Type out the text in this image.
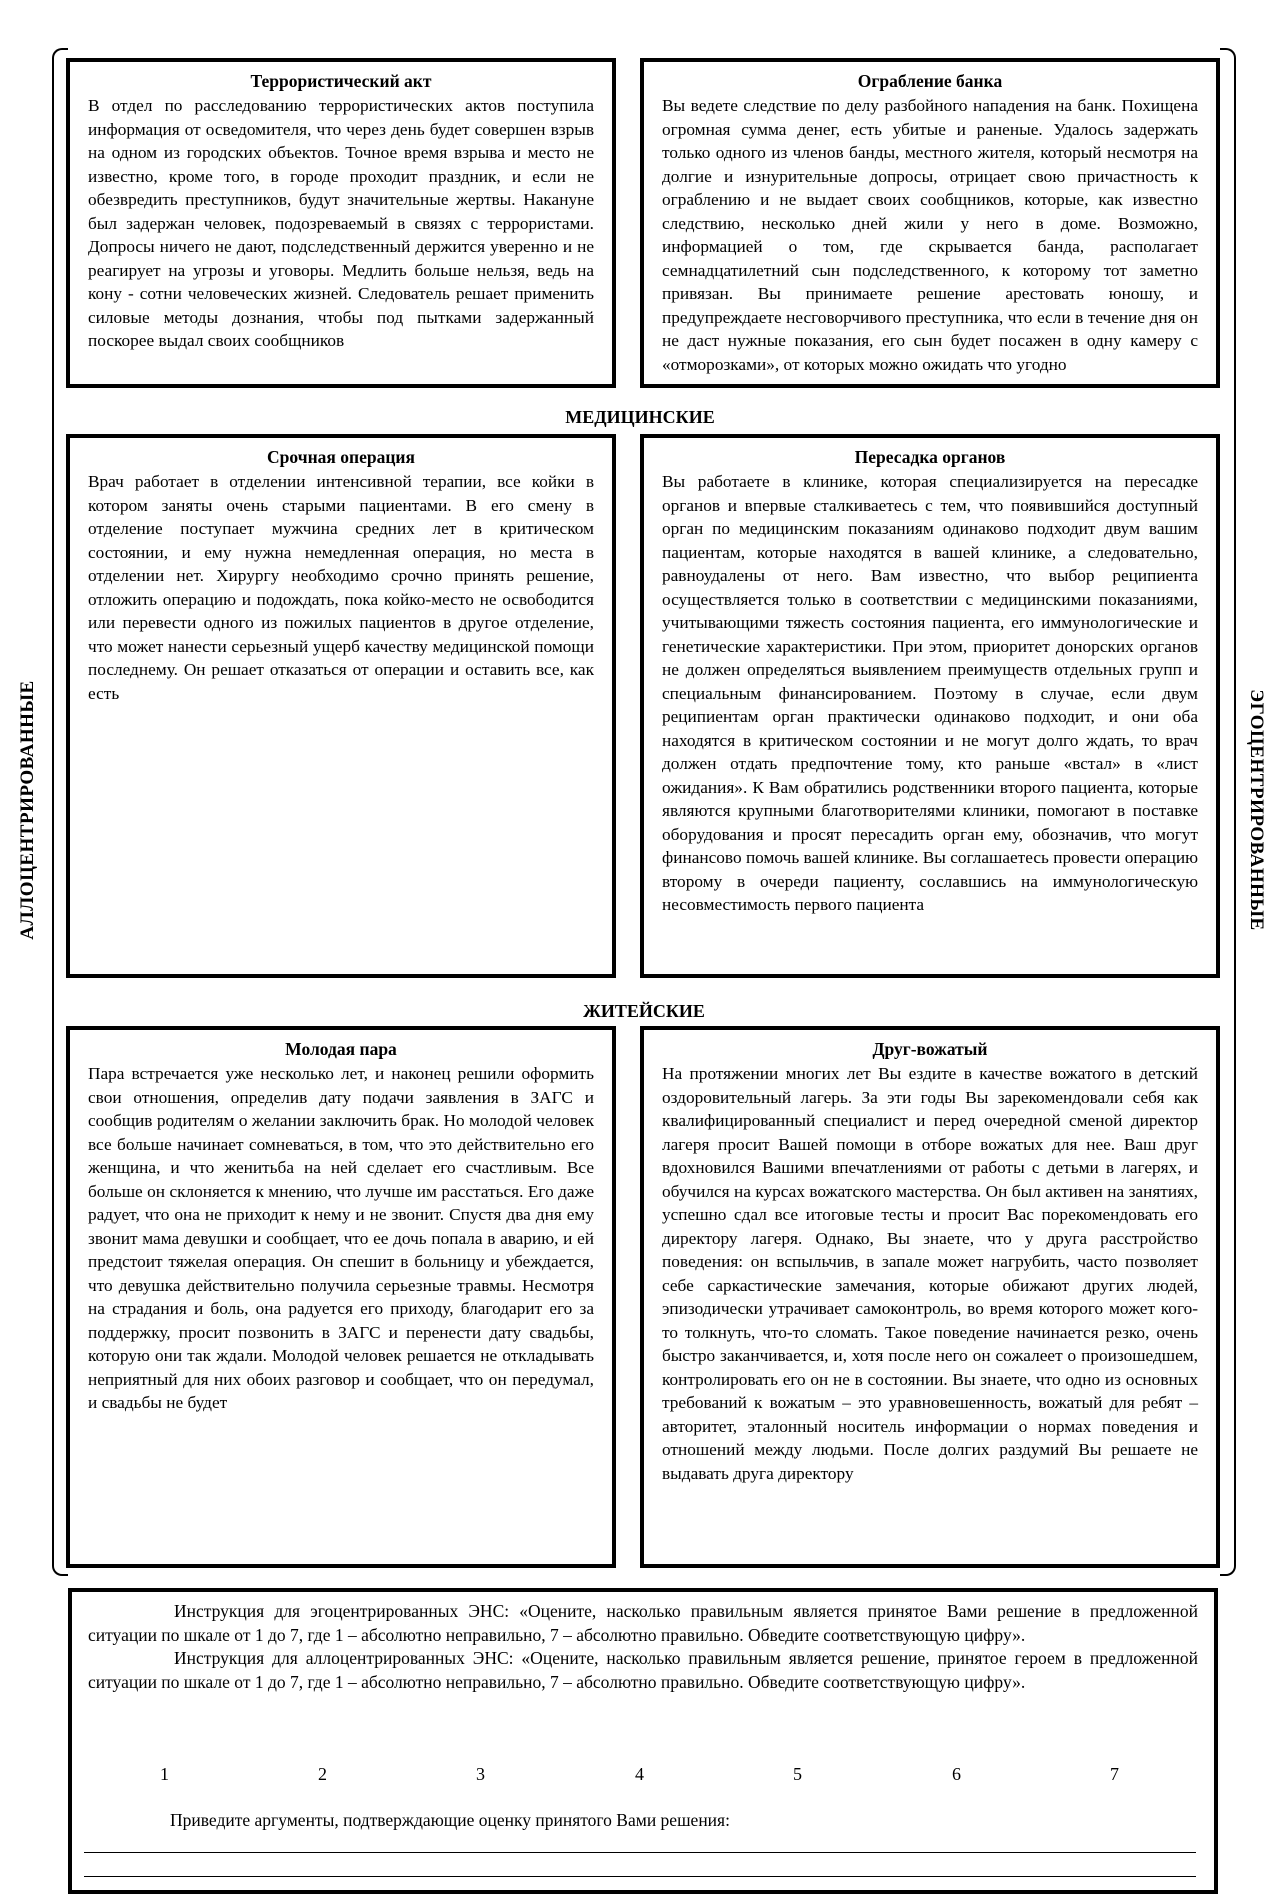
АЛЛОЦЕНТРИРОВАННЫЕ	ЭГОЦЕНТРИРОВАННЫЕ
Террористический акт
В отдел по расследованию террористических актов поступила информация от осведомителя, что через день будет совершен взрыв на одном из городских объектов. Точное время взрыва и место не известно, кроме того, в городе проходит праздник, и если не обезвредить преступников, будут значительные жертвы. Накануне был задержан человек, подозреваемый в связях с террористами. Допросы ничего не дают, подследственный держится уверенно и не реагирует на угрозы и уговоры. Медлить больше нельзя, ведь на кону - сотни человеческих жизней. Следователь решает применить силовые методы дознания, чтобы под пытками задержанный поскорее выдал своих сообщников
Ограбление банка
Вы ведете следствие по делу разбойного нападения на банк. Похищена огромная сумма денег, есть убитые и раненые. Удалось задержать только одного из членов банды, местного жителя, который несмотря на долгие и изнурительные допросы, отрицает свою причастность к ограблению и не выдает своих сообщников, которые, как известно следствию, несколько дней жили у него в доме. Возможно, информацией о том, где скрывается банда, располагает семнадцатилетний сын подследственного, к которому тот заметно привязан. Вы принимаете решение арестовать юношу, и предупреждаете несговорчивого преступника, что если в течение дня он не даст нужные показания, его сын будет посажен в одну камеру с «отморозками», от которых можно ожидать что угодно
Срочная операция
Врач работает в отделении интенсивной терапии, все койки в котором заняты очень старыми пациентами. В его смену в отделение поступает мужчина средних лет в критическом состоянии, и ему нужна немедленная операция, но места в отделении нет. Хирургу необходимо срочно принять решение, отложить операцию и подождать, пока койко-место не освободится или перевести одного из пожилых пациентов в другое отделение, что может нанести серьезный ущерб качеству медицинской помощи последнему. Он решает отказаться от операции и оставить все, как есть
Пересадка органов
Вы работаете в клинике, которая специализируется на пересадке органов и впервые сталкиваетесь с тем, что появившийся доступный орган по медицинским показаниям одинаково подходит двум вашим пациентам, которые находятся в вашей клинике, а следовательно, равноудалены от него. Вам известно, что выбор реципиента осуществляется только в соответствии с медицинскими показаниями, учитывающими тяжесть состояния пациента, его иммунологические и генетические характеристики. При этом, приоритет донорских органов не должен определяться выявлением преимуществ отдельных групп и специальным финансированием. Поэтому в случае, если двум реципиентам орган практически одинаково подходит, и они оба находятся в критическом состоянии и не могут долго ждать, то врач должен отдать предпочтение тому, кто раньше «встал» в «лист ожидания». К Вам обратились родственники второго пациента, которые являются крупными благотворителями клиники, помогают в поставке оборудования и просят пересадить орган ему, обозначив, что могут финансово помочь вашей клинике. Вы соглашаетесь провести операцию второму в очереди пациенту, сославшись на иммунологическую несовместимость первого пациента
Молодая пара
Пара встречается уже несколько лет, и наконец решили оформить свои отношения, определив дату подачи заявления в ЗАГС и сообщив родителям о желании заключить брак. Но молодой человек все больше начинает сомневаться, в том, что это действительно его женщина, и что женитьба на ней сделает его счастливым. Все больше он склоняется к мнению, что лучше им расстаться. Его даже радует, что она не приходит к нему и не звонит. Спустя два дня ему звонит мама девушки и сообщает, что ее дочь попала в аварию, и ей предстоит тяжелая операция. Он спешит в больницу и убеждается, что девушка действительно получила серьезные травмы. Несмотря на страдания и боль, она радуется его приходу, благодарит его за поддержку, просит позвонить в ЗАГС и перенести дату свадьбы, которую они так ждали. Молодой человек решается не откладывать неприятный для них обоих разговор и сообщает, что он передумал, и свадьбы не будет
Друг-вожатый
На протяжении многих лет Вы ездите в качестве вожатого в детский оздоровительный лагерь. За эти годы Вы зарекомендовали себя как квалифицированный специалист и перед очередной сменой директор лагеря просит Вашей помощи в отборе вожатых для нее. Ваш друг вдохновился Вашими впечатлениями от работы с детьми в лагерях, и обучился на курсах вожатского мастерства. Он был активен на занятиях, успешно сдал все итоговые тесты и просит Вас порекомендовать его директору лагеря. Однако, Вы знаете, что у друга расстройство поведения: он вспыльчив, в запале может нагрубить, часто позволяет себе саркастические замечания, которые обижают других людей, эпизодически утрачивает самоконтроль, во время которого может кого-то толкнуть, что-то сломать. Такое поведение начинается резко, очень быстро заканчивается, и, хотя после него он сожалеет о произошедшем, контролировать его он не в состоянии. Вы знаете, что одно из основных требований к вожатым – это уравновешенность, вожатый для ребят – авторитет, эталонный носитель информации о нормах поведения и отношений между людьми. После долгих раздумий Вы решаете не выдавать друга директору
МЕДИЦИНСКИЕ
ЖИТЕЙСКИЕ

Инструкция для эгоцентрированных ЭНС: «Оцените, насколько правильным является принятое Вами решение в предложенной ситуации по шкале от 1 до 7, где 1 – абсолютно неправильно, 7 – абсолютно правильно. Обведите соответствующую цифру».

Инструкция для аллоцентрированных ЭНС: «Оцените, насколько правильным является решение, принятое героем в предложенной ситуации по шкале от 1 до 7, где 1 – абсолютно неправильно, 7 – абсолютно правильно. Обведите соответствующую цифру».

1	2	3	4	5	6	7
Приведите аргументы, подтверждающие оценку принятого Вами решения:
